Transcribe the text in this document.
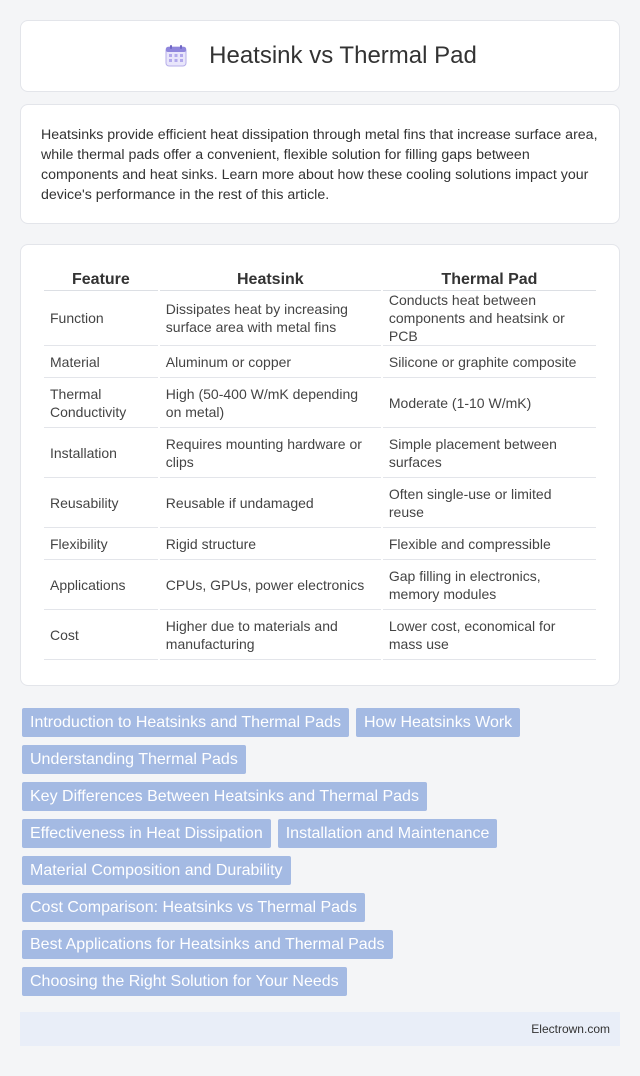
Heatsink vs Thermal Pad

Heatsinks provide efficient heat dissipation through metal fins that increase surface area, while thermal pads offer a convenient, flexible solution for filling gaps between components and heat sinks. Learn more about how these cooling solutions impact your device's performance in the rest of this article.

Feature	Heatsink	Thermal Pad
Function	Dissipates heat by increasing surface area with metal fins	Conducts heat between components and heatsink or PCB
Material	Aluminum or copper	Silicone or graphite composite
Thermal Conductivity	High (50-400 W/mK depending on metal)	Moderate (1-10 W/mK)
Installation	Requires mounting hardware or clips	Simple placement between surfaces
Reusability	Reusable if undamaged	Often single-use or limited reuse
Flexibility	Rigid structure	Flexible and compressible
Applications	CPUs, GPUs, power electronics	Gap filling in electronics, memory modules
Cost	Higher due to materials and manufacturing	Lower cost, economical for mass use
Introduction to Heatsinks and Thermal Pads	How Heatsinks Work
Understanding Thermal Pads
Key Differences Between Heatsinks and Thermal Pads
Effectiveness in Heat Dissipation	Installation and Maintenance
Material Composition and Durability
Cost Comparison: Heatsinks vs Thermal Pads
Best Applications for Heatsinks and Thermal Pads
Choosing the Right Solution for Your Needs
Electrown.com
